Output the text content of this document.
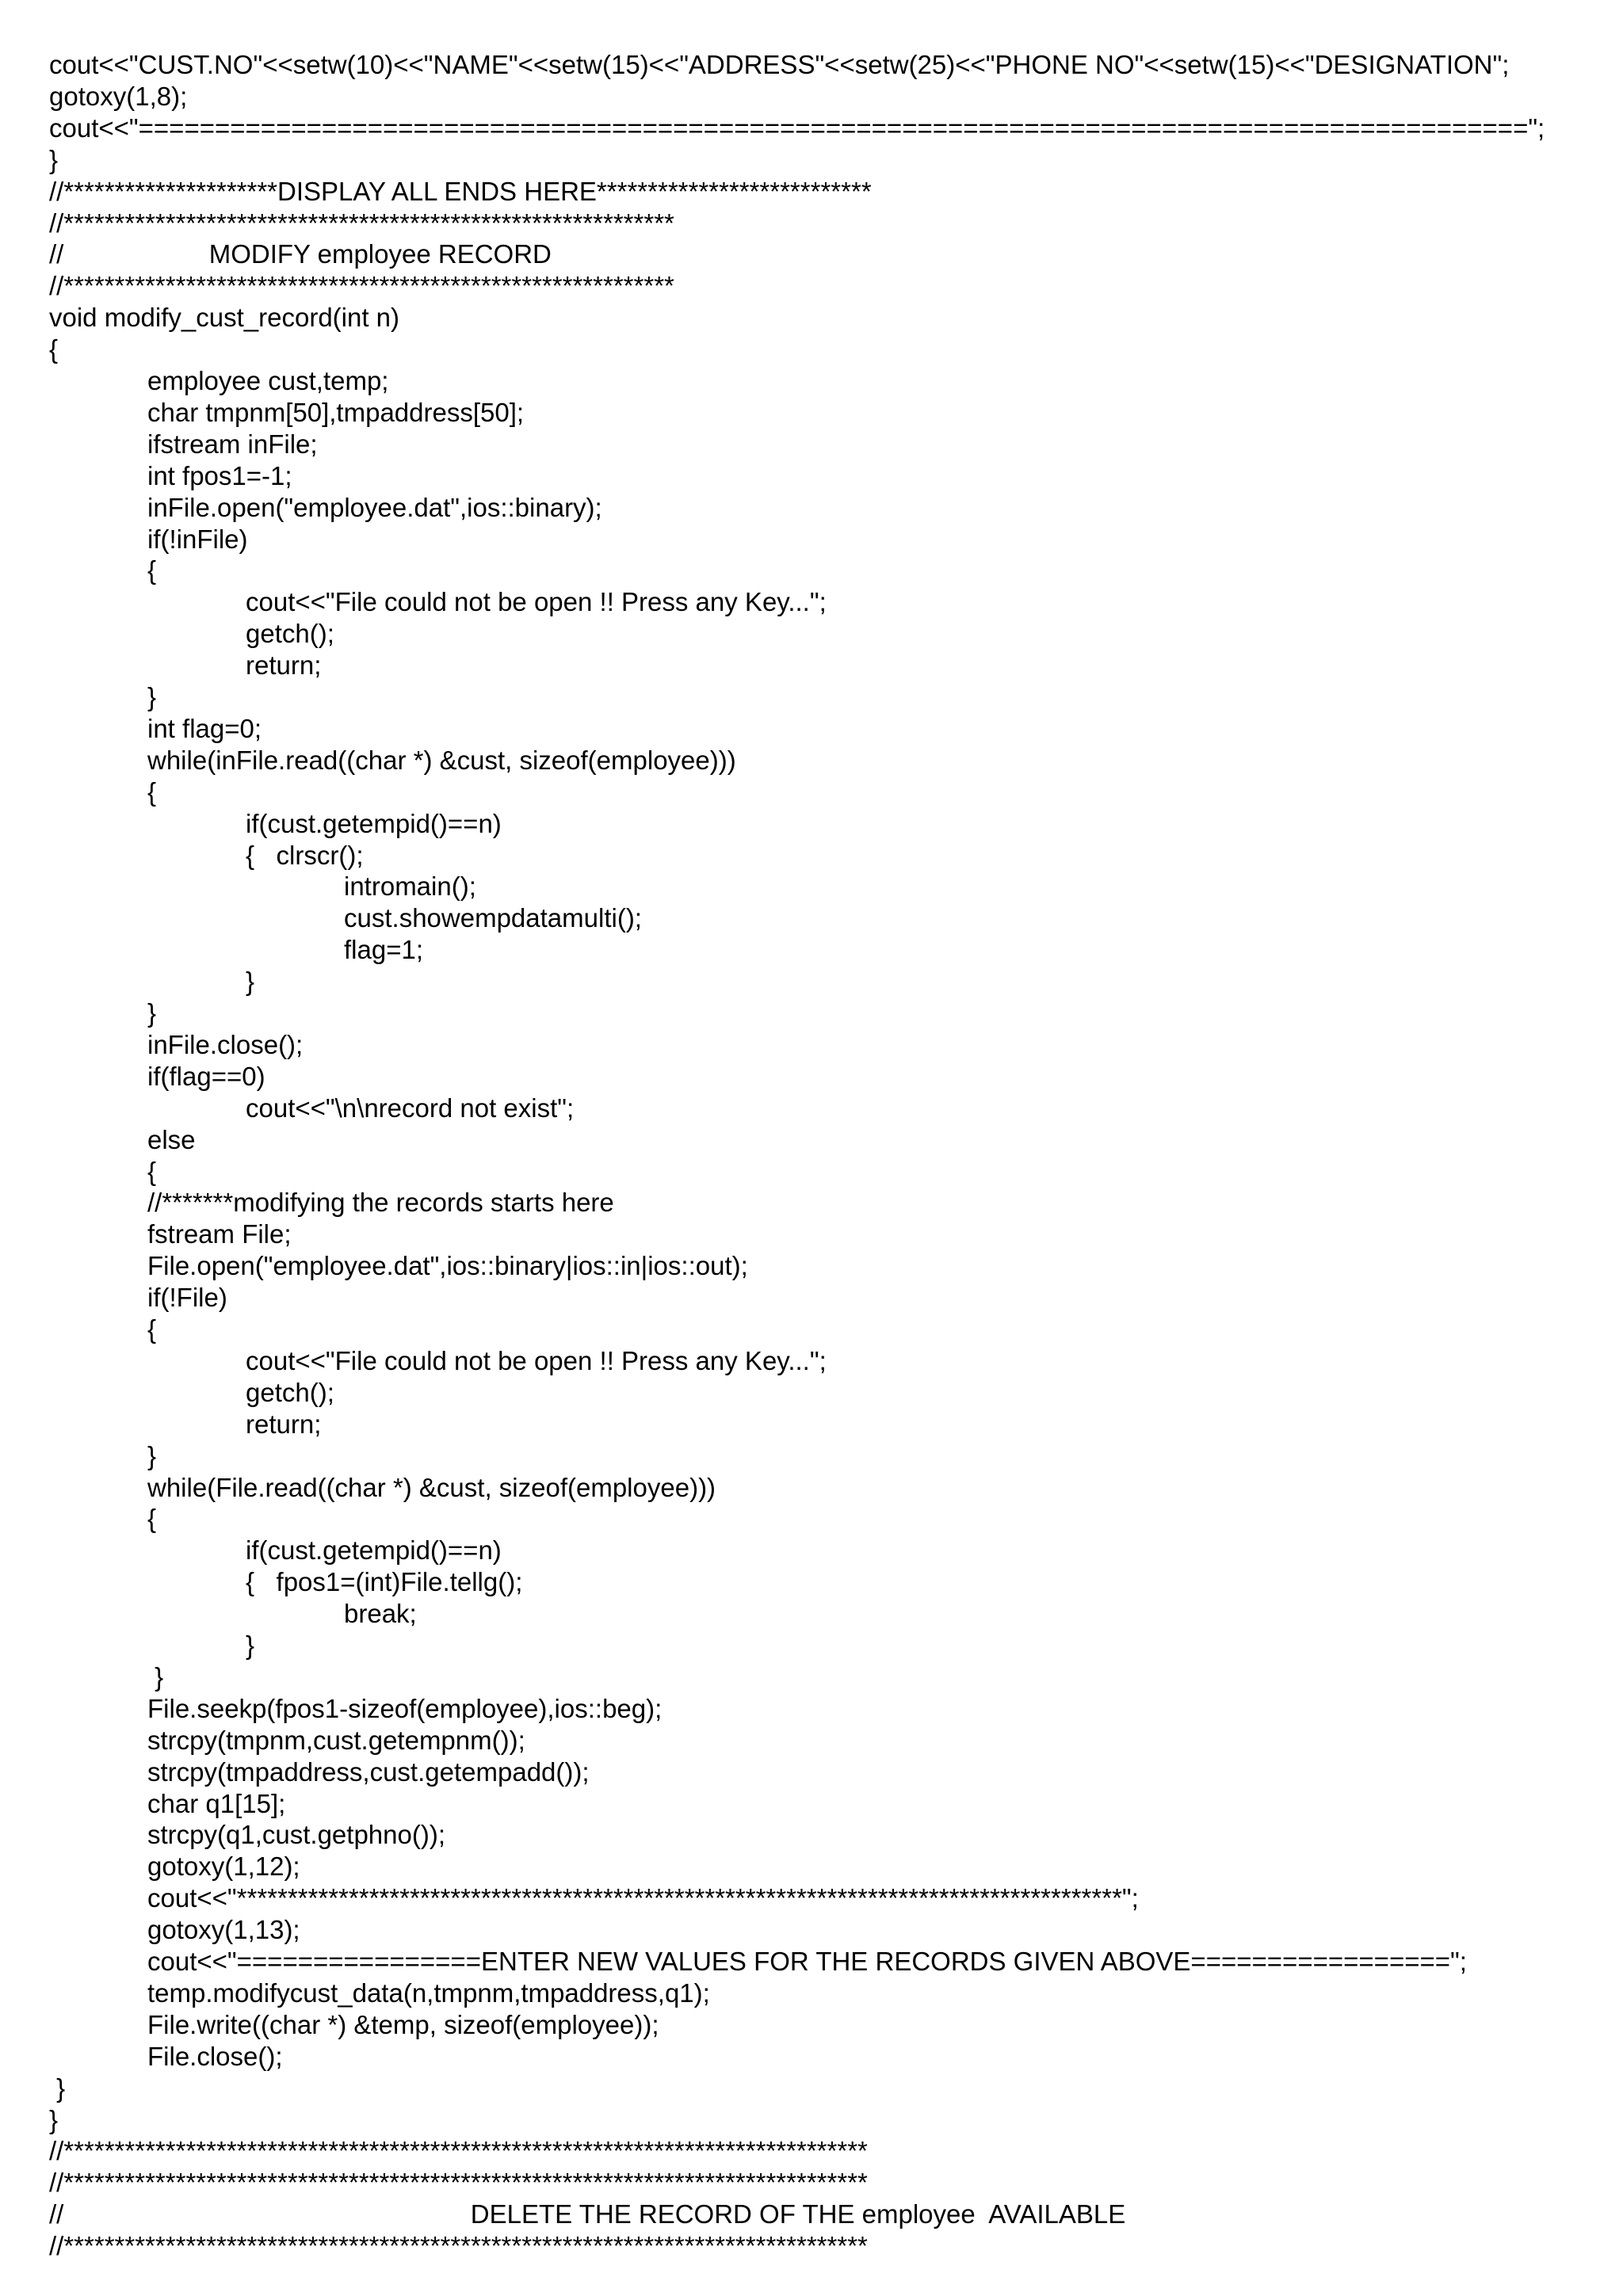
cout<<"CUST.NO"<<setw(10)<<"NAME"<<setw(15)<<"ADDRESS"<<setw(25)<<"PHONE NO"<<setw(15)<<"DESIGNATION";
gotoxy(1,8);
cout<<"===========================================================================================";
}
//*********************DISPLAY ALL ENDS HERE***************************
//************************************************************
//                    MODIFY employee RECORD
//************************************************************
void modify_cust_record(int n)
{
employee cust,temp;
char tmpnm[50],tmpaddress[50];
ifstream inFile;
int fpos1=-1;
inFile.open("employee.dat",ios::binary);
if(!inFile)
{
cout<<"File could not be open !! Press any Key...";
getch();
return;
}
int flag=0;
while(inFile.read((char *) &cust, sizeof(employee)))
{
if(cust.getempid()==n)
{   clrscr();
intromain();
cust.showempdatamulti();
flag=1;
}
}
inFile.close();
if(flag==0)
cout<<"\n\nrecord not exist";
else
{
//*******modifying the records starts here
fstream File;
File.open("employee.dat",ios::binary|ios::in|ios::out);
if(!File)
{
cout<<"File could not be open !! Press any Key...";
getch();
return;
}
while(File.read((char *) &cust, sizeof(employee)))
{
if(cust.getempid()==n)
{   fpos1=(int)File.tellg();
break;
}
}
File.seekp(fpos1-sizeof(employee),ios::beg);
strcpy(tmpnm,cust.getempnm());
strcpy(tmpaddress,cust.getempadd());
char q1[15];
strcpy(q1,cust.getphno());
gotoxy(1,12);
cout<<"***************************************************************************************";
gotoxy(1,13);
cout<<"================ENTER NEW VALUES FOR THE RECORDS GIVEN ABOVE=================";
temp.modifycust_data(n,tmpnm,tmpaddress,q1);
File.write((char *) &temp, sizeof(employee));
File.close();
}
}
//*******************************************************************************
//*******************************************************************************
//                                                        DELETE THE RECORD OF THE employee  AVAILABLE
//*******************************************************************************
